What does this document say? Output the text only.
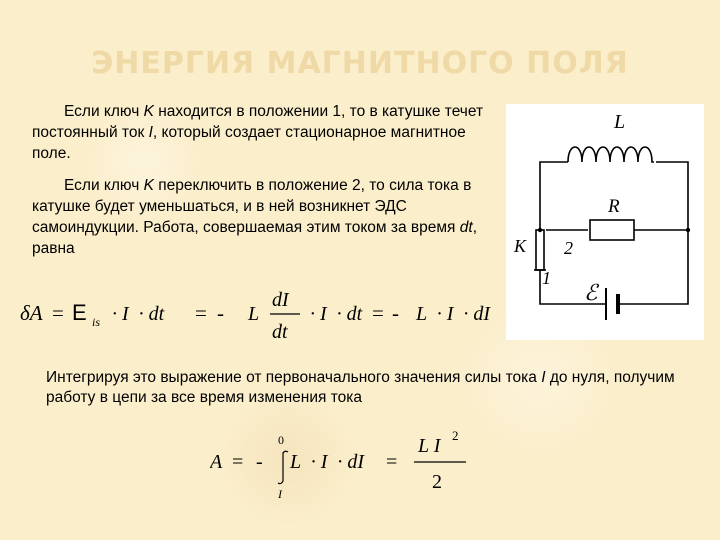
ЭНЕРГИЯ МАГНИТНОГО ПОЛЯ
Если ключ K находится в положении 1, то в катушке течет постоянный ток I, который создает стационарное магнитное поле.
Если ключ K переключить в положение 2, то сила тока в катушке будет уменьшаться, и в ней возникнет ЭДС самоиндукции. Работа, совершаемая этим током за время dt, равна
δA = E is · I  · dt = - L
dI
dt
· I  · dt = - L  · I  · dI
L
R
K 2
1
ℰ
Интегрируя это выражение от первоначального значения силы тока I до нуля, получим работу в цепи за все время изменения тока
A = -
0
I
L  · I  · dI =
L I 2
2
